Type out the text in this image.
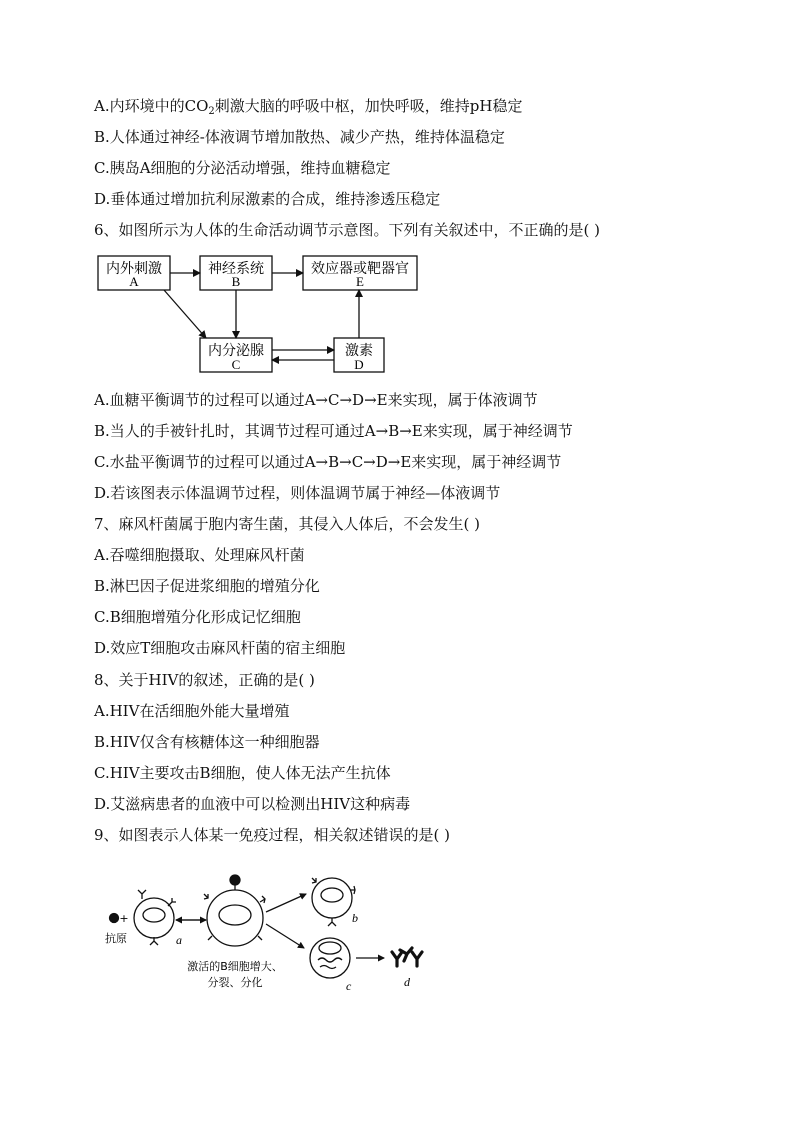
A.内环境中的$CO_2$刺激大脑的呼吸中枢，加快呼吸，维持pH稳定
B.人体通过神经-体液调节增加散热、减少产热，维持体温稳定
C.胰岛A细胞的分泌活动增强，维持血糖稳定
D.垂体通过增加抗利尿激素的合成，维持渗透压稳定
6、如图所示为人体的生命活动调节示意图。下列有关叙述中，不正确的是( )
内外刺激
A
神经系统
B
效应器或靶器官
E
内分泌腺
C
激素
D
A.血糖平衡调节的过程可以通过A→C→D→E来实现，属于体液调节
B.当人的手被针扎时，其调节过程可通过A→B→E来实现，属于神经调节
C.水盐平衡调节的过程可以通过A→B→C→D→E来实现，属于神经调节
D.若该图表示体温调节过程，则体温调节属于神经—体液调节
7、麻风杆菌属于胞内寄生菌，其侵入人体后，不会发生( )
A.吞噬细胞摄取、处理麻风杆菌
B.淋巴因子促进浆细胞的增殖分化
C.B细胞增殖分化形成记忆细胞
D.效应T细胞攻击麻风杆菌的宿主细胞
8、关于HIV的叙述，正确的是( )
A.HIV在活细胞外能大量增殖
B.HIV仅含有核糖体这一种细胞器
C.HIV主要攻击B细胞，使人体无法产生抗体
D.艾滋病患者的血液中可以检测出HIV这种病毒
9、如图表示人体某一免疫过程，相关叙述错误的是( )
+
抗原	a
激活的B细胞增大、
分裂、分化
b
c	d
